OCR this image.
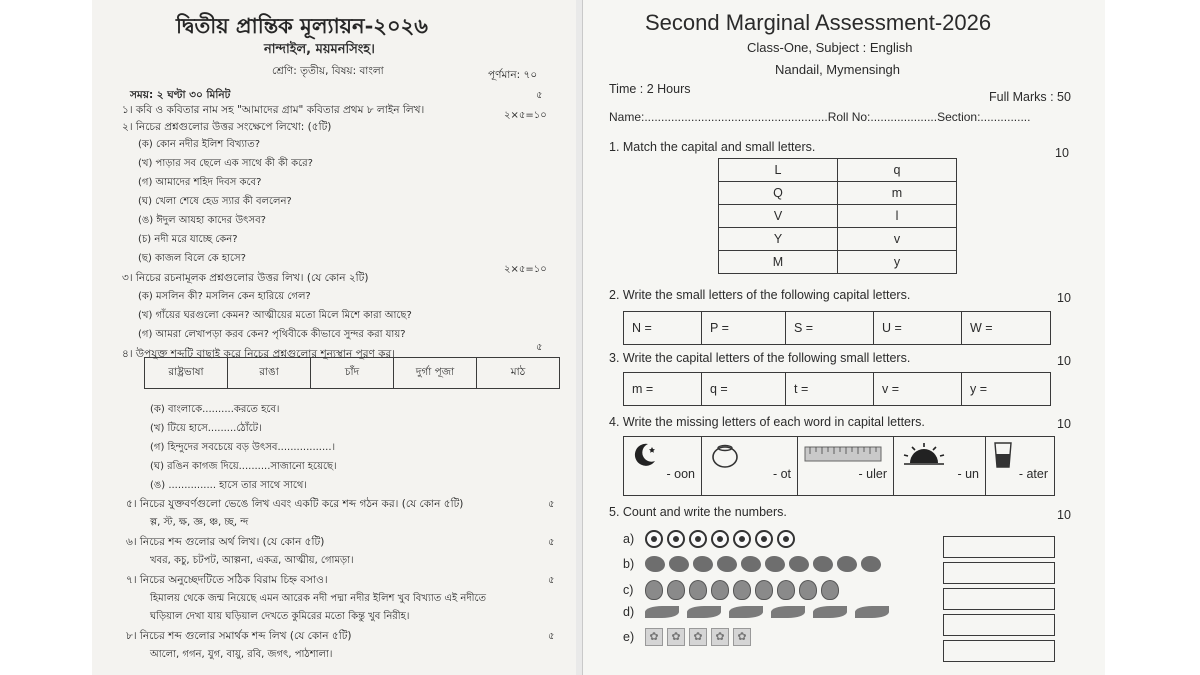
দ্বিতীয় প্রান্তিক মূল্যায়ন-২০২৬
নান্দাইল, ময়মনসিংহ।
শ্রেণি: তৃতীয়, বিষয়: বাংলা
সময়: ২ ঘণ্টা ৩০ মিনিট
পূর্ণমান: ৭০
১। কবি ও কবিতার নাম সহ "আমাদের গ্রাম" কবিতার প্রথম ৮ লাইন লিখ।
৫
২। নিচের প্রশ্নগুলোর উত্তর সংক্ষেপে লিখো: (৫টি)
২×৫=১০
(ক) কোন নদীর ইলিশ বিখ্যাত?
(খ) পাড়ার সব ছেলে এক সাথে কী কী করে?
(গ) আমাদের শহিদ দিবস কবে?
(ঘ) খেলা শেষে হেড স্যার কী বললেন?
(ঙ) ঈদুল আযহা কাদের উৎসব?
(চ) নদী মরে যাচ্ছে কেন?
(ছ) কাজল বিলে কে হাসে?
৩। নিচের রচনামূলক প্রশ্নগুলোর উত্তর লিখ। (যে কোন ২টি)
২×৫=১০
(ক) মসলিন কী? মসলিন কেন হারিয়ে গেল?
(খ) গাঁয়ের ঘরগুলো কেমন? আত্মীয়ের মতো মিলে মিশে কারা আছে?
(গ) আমরা লেখাপড়া করব কেন? পৃথিবীকে কীভাবে সুন্দর করা যায়?
৪। উপযুক্ত শব্দটি বাছাই করে নিচের প্রশ্নগুলোর শূন্যস্থান পূরণ কর।
৫
রাষ্ট্রভাষা	রাঙা	চাঁদ	দুর্গা পূজা	মাঠ
(ক) বাংলাকে..........করতে হবে।
(খ) টিয়ে হাসে.........ঠোঁটে।
(গ) হিন্দুদের সবচেয়ে বড় উৎসব.................।
(ঘ) রঙিন কাগজ দিয়ে..........সাজানো হয়েছে।
(ঙ) ............... হাসে তার সাথে সাথে।
৫। নিচের যুক্তবর্ণগুলো ভেঙে লিখ এবং একটি করে শব্দ গঠন কর। (যে কোন ৫টি)	৫
ল্প, স্ট, ক্ষ, জ্ঞ, ঞ্চ, চ্ছ, ন্দ
৬। নিচের শব্দ গুলোর অর্থ লিখ। (যে কোন ৫টি)	৫
খবর, কচু, চটপট, আল্পনা, একত্র, আত্মীয়, গোমড়া।
৭। নিচের অনুচ্ছেদটিতে সঠিক বিরাম চিহ্ন বসাও।	৫
হিমালয় থেকে জন্ম নিয়েছে এমন আরেক নদী পদ্মা নদীর ইলিশ খুব বিখ্যাত এই নদীতে
ঘড়িয়াল দেখা যায় ঘড়িয়াল দেখতে কুমিরের মতো কিন্তু খুব নিরীহ।
৮। নিচের শব্দ গুলোর সমার্থক শব্দ লিখ (যে কোন ৫টি)	৫
আলো, গগন, যুগ, বায়ু, রবি, জগৎ, পাঠশালা।
Second Marginal Assessment-2026
Class-One, Subject : English
Nandail, Mymensingh
Time : 2 Hours
Full Marks : 50
Name:.......................................................Roll No:....................Section:...............
1. Match the capital and small letters.	10
L	q
Q	m
V	l
Y	v
M	y
2. Write the small letters of the following capital letters.	10
N =	P =	S =	U =	W =
3. Write the capital letters of the following small letters.	10
m =	q =	t =	v =	y =
4. Write the missing letters of each word in capital letters.	10
- oon	- ot	- uler	- un	- ater
5. Count and write the numbers.	10
a)
b)
c)
d)
e)	✿	✿	✿	✿	✿
